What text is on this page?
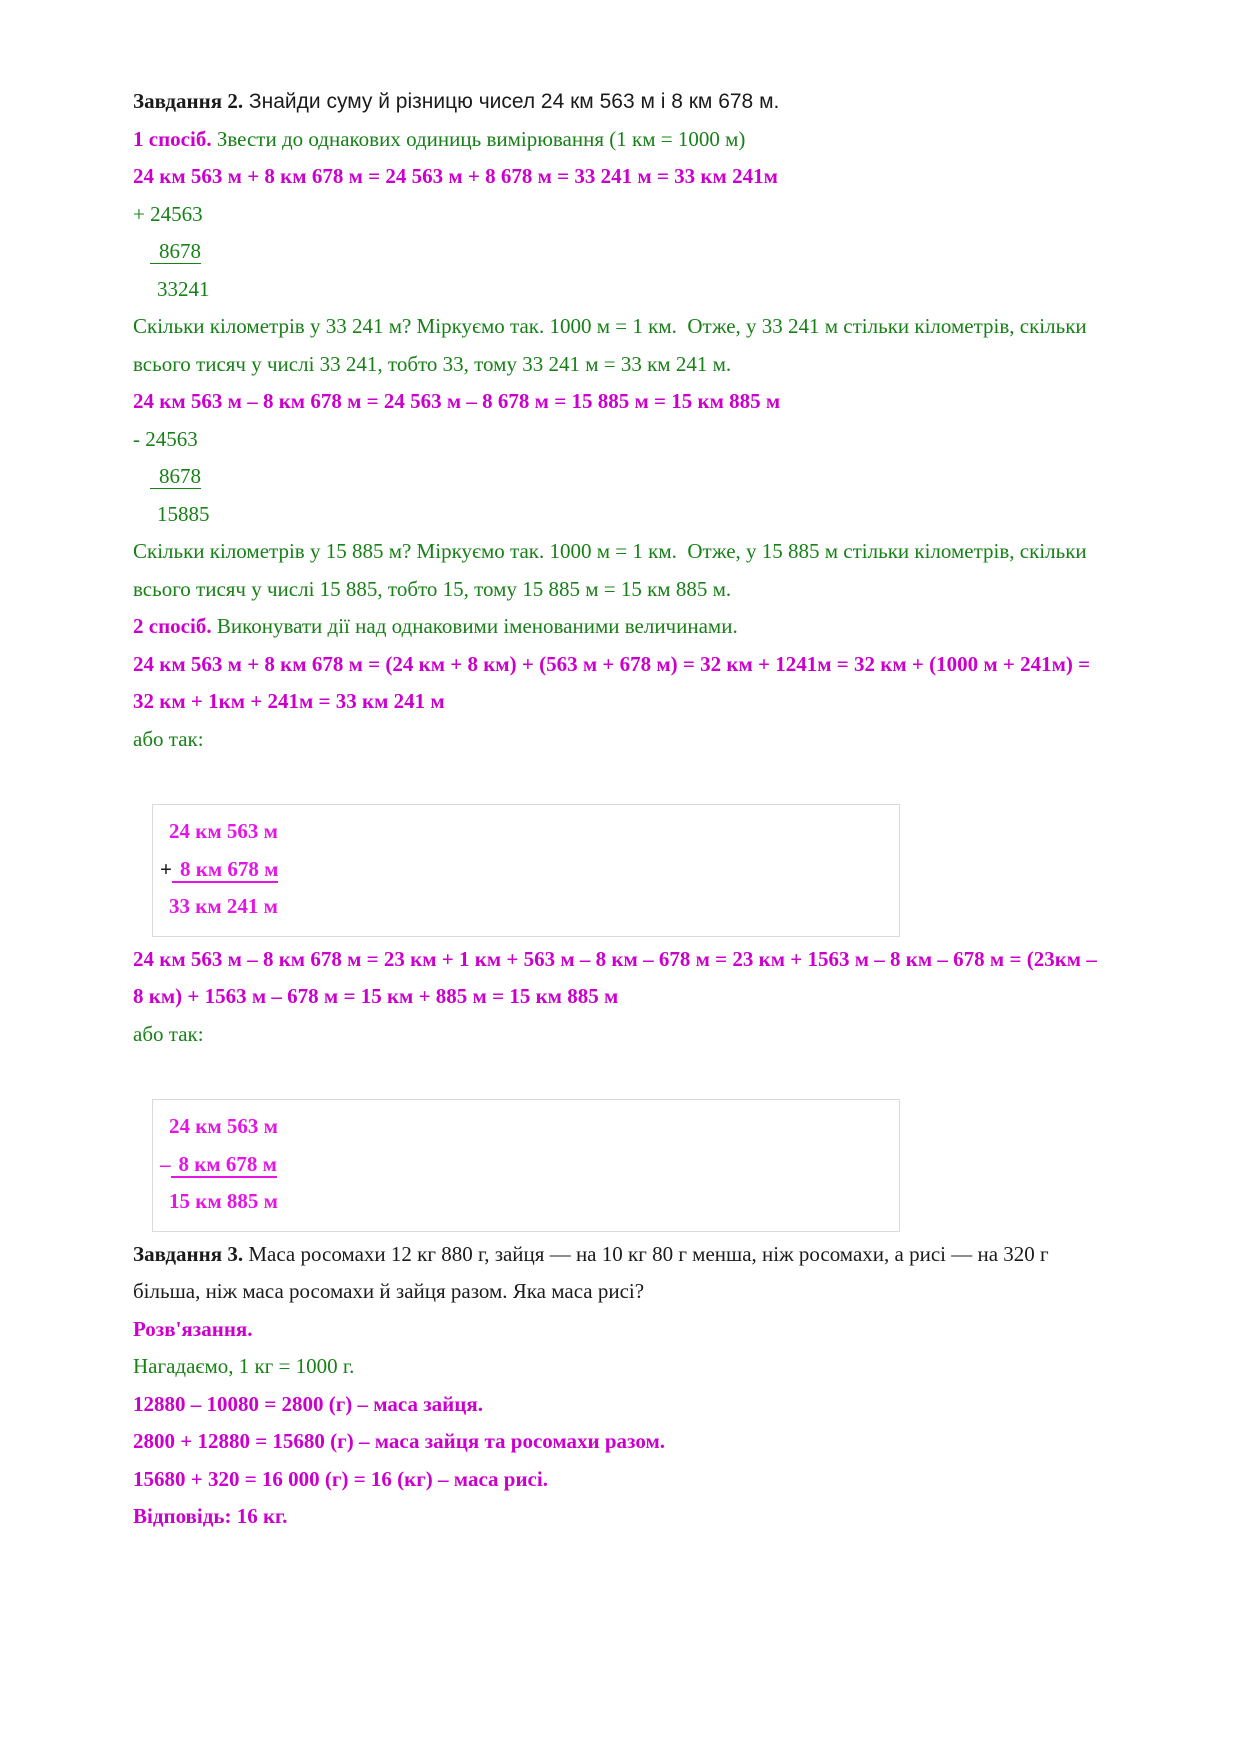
Завдання 2. Знайди суму й різницю чисел 24 км 563 м і 8 км 678 м.
1 спосіб. Звести до однакових одиниць вимірювання (1 км = 1000 м)
24 км 563 м + 8 км 678 м = 24 563 м + 8 678 м = 33 241 м = 33 км 241м
+ 24563
8678
33241
Скільки кілометрів у 33 241 м? Міркуємо так. 1000 м = 1 км.  Отже, у 33 241 м стільки кілометрів, скільки
всього тисяч у числі 33 241, тобто 33, тому 33 241 м = 33 км 241 м.
24 км 563 м – 8 км 678 м = 24 563 м – 8 678 м = 15 885 м = 15 км 885 м
- 24563
8678
15885
Скільки кілометрів у 15 885 м? Міркуємо так. 1000 м = 1 км.  Отже, у 15 885 м стільки кілометрів, скільки
всього тисяч у числі 15 885, тобто 15, тому 15 885 м = 15 км 885 м.
2 спосіб. Виконувати дії над однаковими іменованими величинами.
24 км 563 м + 8 км 678 м = (24 км + 8 км) + (563 м + 678 м) = 32 км + 1241м = 32 км + (1000 м + 241м) =
32 км + 1км + 241м = 33 км 241 м
або так:
24 км 563 м
+ 8 км 678 м
33 км 241 м
24 км 563 м – 8 км 678 м = 23 км + 1 км + 563 м – 8 км – 678 м = 23 км + 1563 м – 8 км – 678 м = (23км –
8 км) + 1563 м – 678 м = 15 км + 885 м = 15 км 885 м
або так:
24 км 563 м
– 8 км 678 м
15 км 885 м
Завдання 3. Маса росомахи 12 кг 880 г, зайця — на 10 кг 80 г менша, ніж росомахи, а рисі — на 320 г
більша, ніж маса росомахи й зайця разом. Яка маса рисі?
Розв'язання.
Нагадаємо, 1 кг = 1000 г.
12880 – 10080 = 2800 (г) – маса зайця.
2800 + 12880 = 15680 (г) – маса зайця та росомахи разом.
15680 + 320 = 16 000 (г) = 16 (кг) – маса рисі.
Відповідь: 16 кг.
